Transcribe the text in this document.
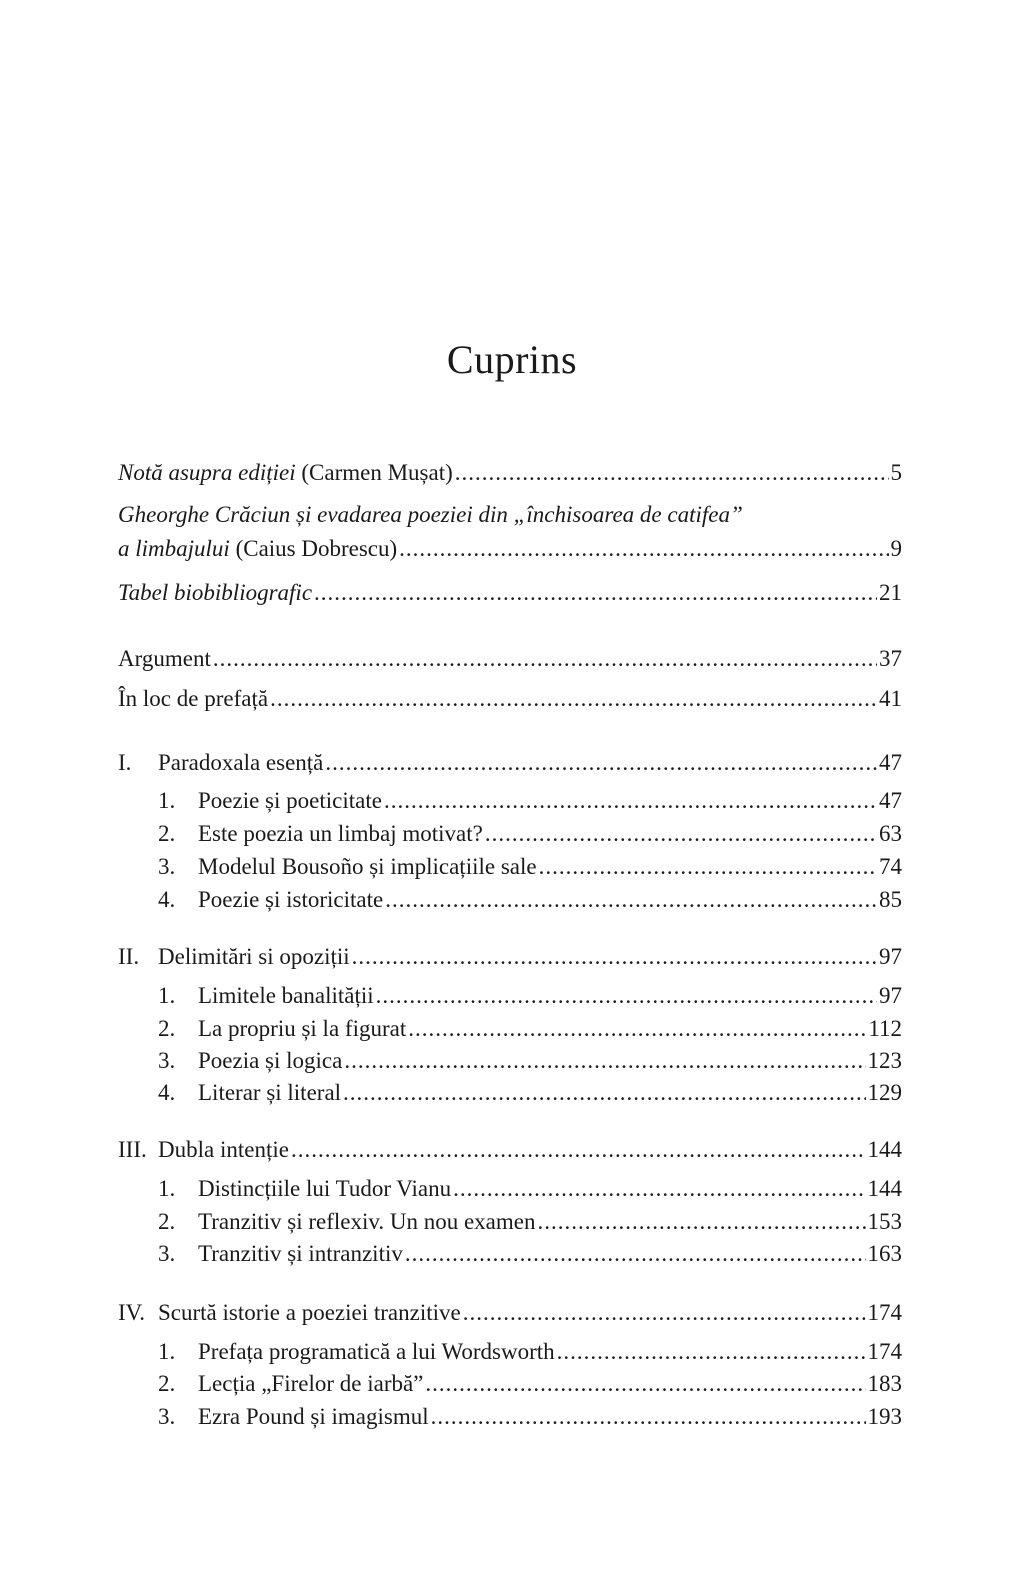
Cuprins
Notă asupra ediției (Carmen Mușat) .....	5
Gheorghe Crăciun și evadarea poeziei din „închisoarea de catifea”
a limbajului (Caius Dobrescu) .....	9
Tabel biobibliografic .....	21
Argument .....	37
În loc de prefață .....	41
I.	Paradoxala esență .....	47
1. Poezie și poeticitate .....	47
2. Este poezia un limbaj motivat? .....	63
3. Modelul Bousoño și implicațiile sale .....	74
4. Poezie și istoricitate .....	85
II. Delimitări si opoziții .....	97
1. Limitele banalității .....	97
2. La propriu și la figurat .....	112
3. Poezia și logica .....	123
4. Literar și literal .....	129
III. Dubla intenție .....	144
1. Distincțiile lui Tudor Vianu .....	144
2. Tranzitiv și reflexiv. Un nou examen .....	153
3. Tranzitiv și intranzitiv .....	163
IV. Scurtă istorie a poeziei tranzitive .....	174
1. Prefața programatică a lui Wordsworth .....	174
2. Lecția „Firelor de iarbă” .....	183
3. Ezra Pound și imagismul .....	193
